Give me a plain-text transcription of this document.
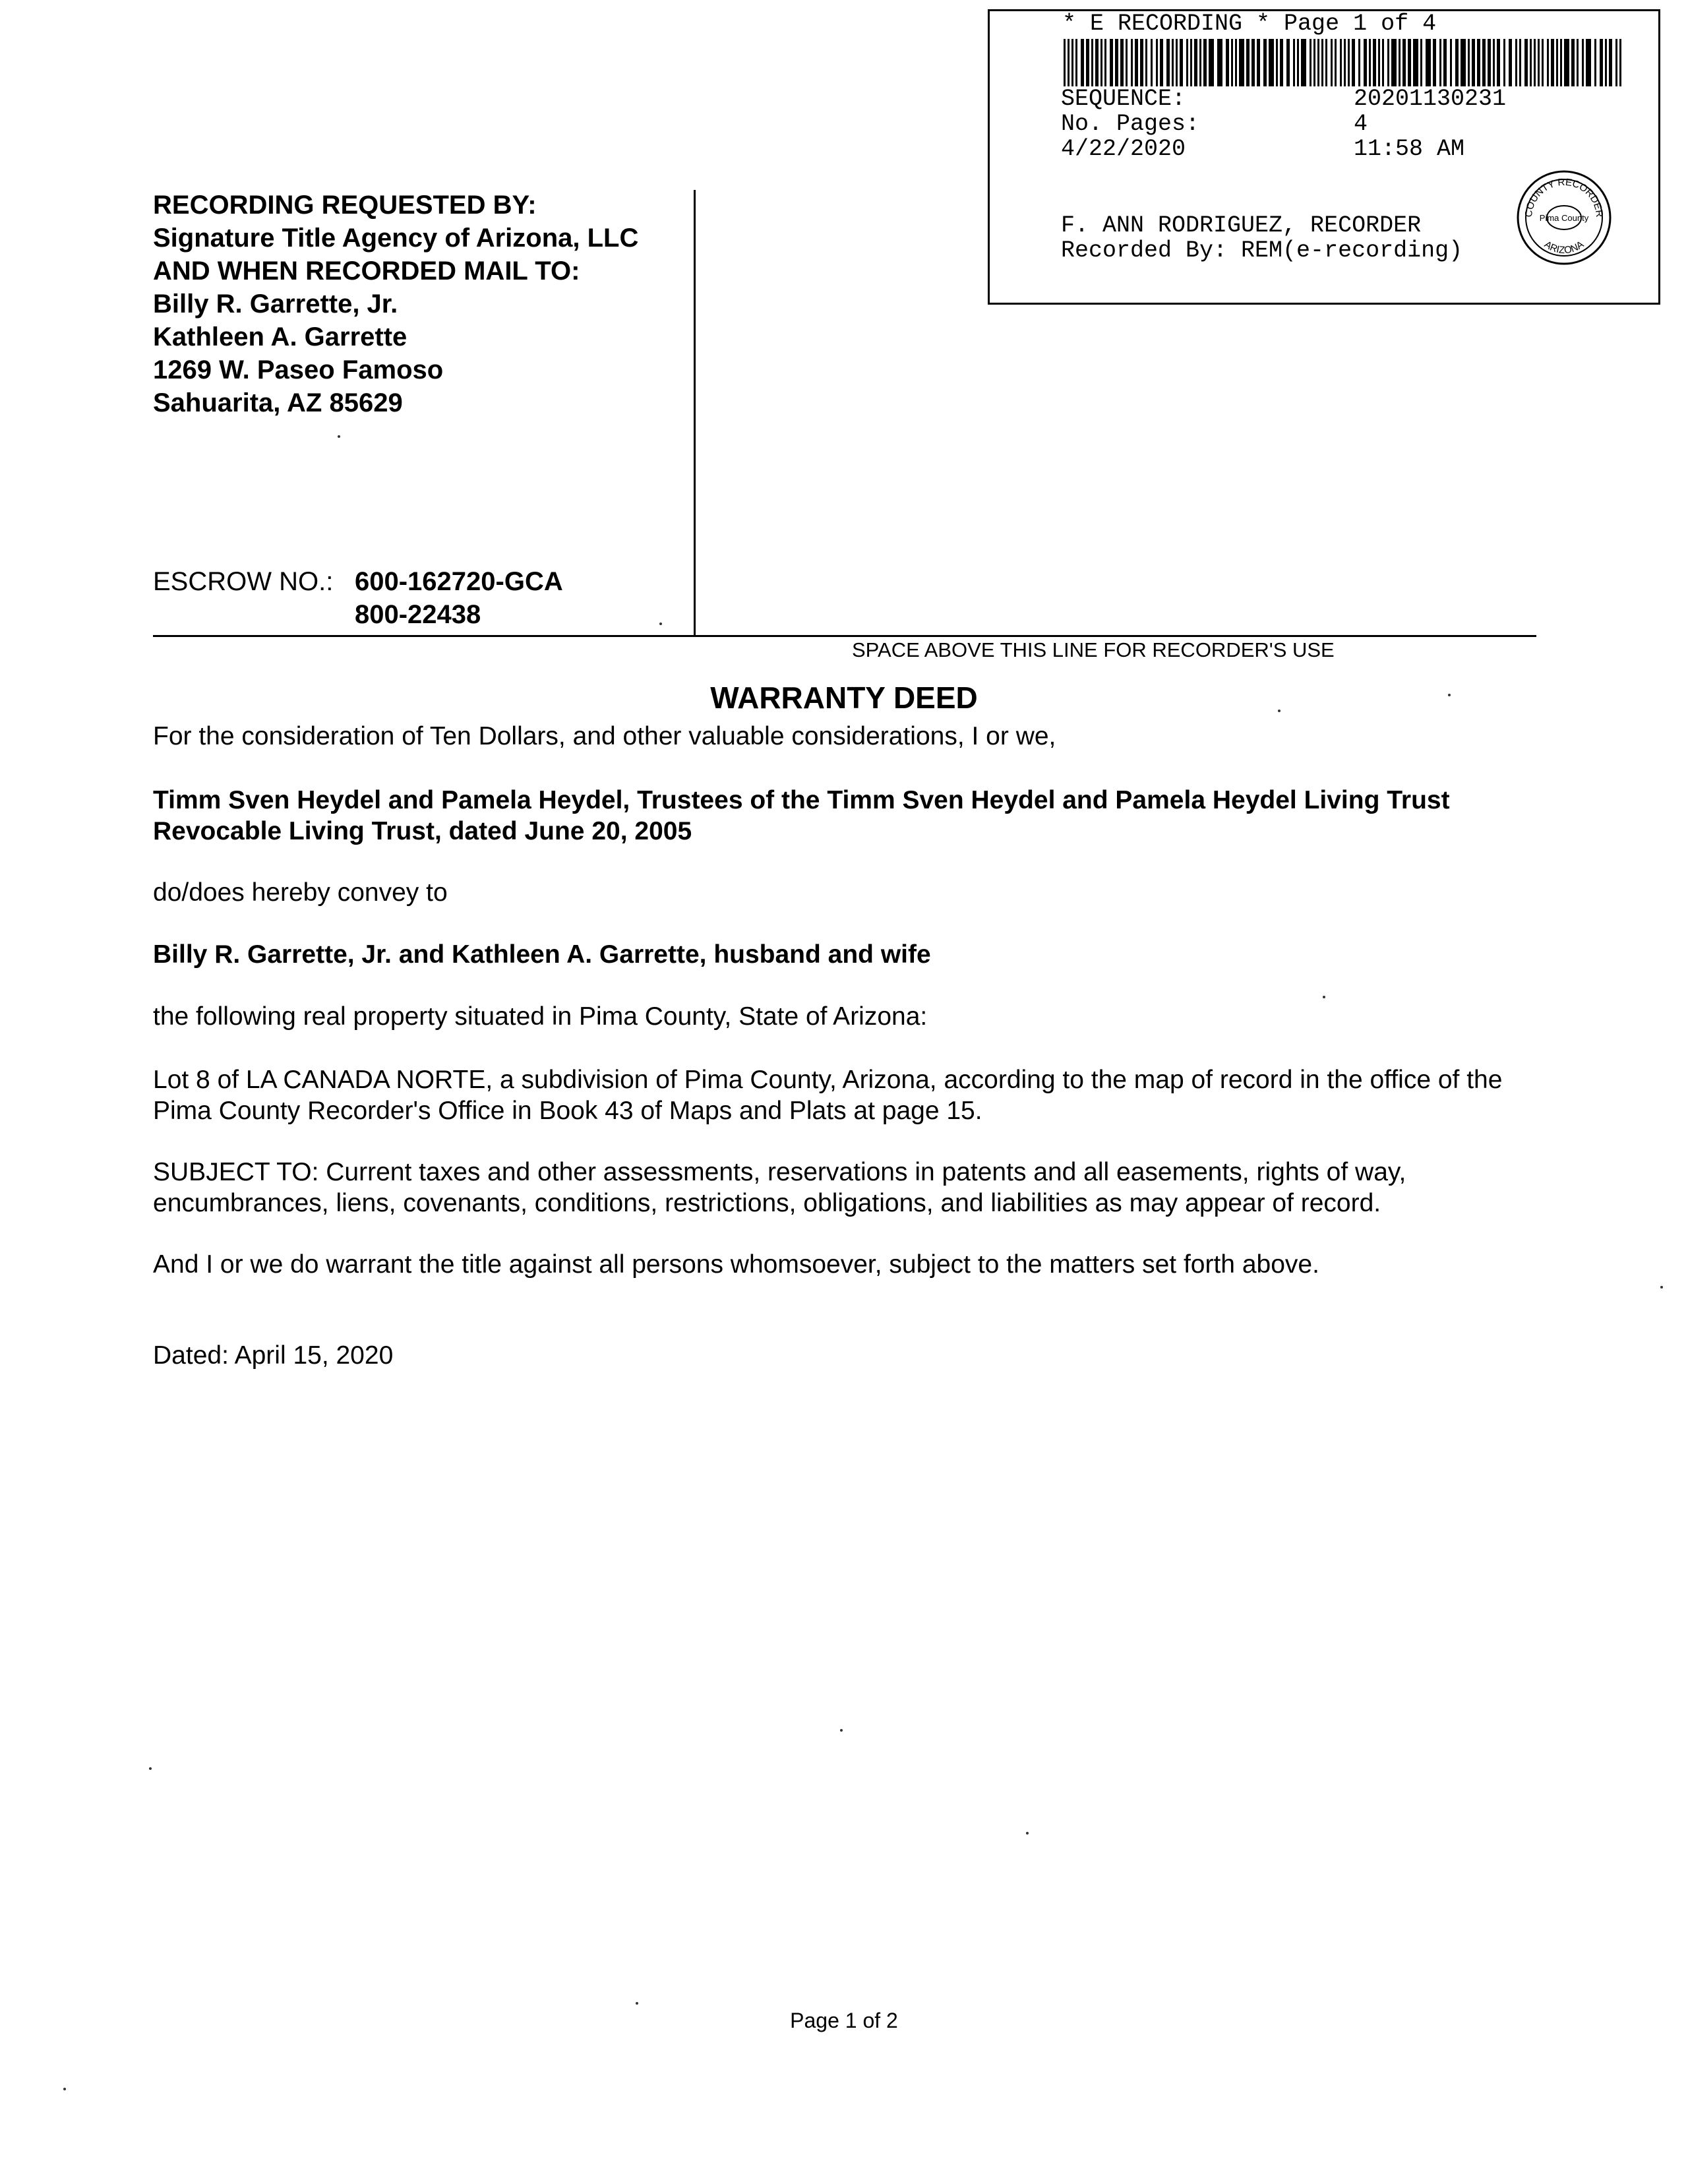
* E RECORDING * Page 1 of 4
SEQUENCE:	20201130231
No. Pages:	4
4/22/2020	11:58 AM
F. ANN RODRIGUEZ, RECORDER
Recorded By: REM(e-recording)
COUNTY RECORDER
Pima County
ARIZONA
RECORDING REQUESTED BY:
Signature Title Agency of Arizona, LLC
AND WHEN RECORDED MAIL TO:
Billy R. Garrette, Jr.
Kathleen A. Garrette
1269 W. Paseo Famoso
Sahuarita, AZ 85629
ESCROW NO.: 600-162720-GCA
800-22438
SPACE ABOVE THIS LINE FOR RECORDER'S USE
WARRANTY DEED
For the consideration of Ten Dollars, and other valuable considerations, I or we,
Timm Sven Heydel and Pamela Heydel, Trustees of the Timm Sven Heydel and Pamela Heydel Living Trust Revocable Living Trust, dated June 20, 2005
do/does hereby convey to
Billy R. Garrette, Jr. and Kathleen A. Garrette, husband and wife
the following real property situated in Pima County, State of Arizona:
Lot 8 of LA CANADA NORTE, a subdivision of Pima County, Arizona, according to the map of record in the office of the Pima County Recorder's Office in Book 43 of Maps and Plats at page 15.
SUBJECT TO: Current taxes and other assessments, reservations in patents and all easements, rights of way, encumbrances, liens, covenants, conditions, restrictions, obligations, and liabilities as may appear of record.
And I or we do warrant the title against all persons whomsoever, subject to the matters set forth above.
Dated: April 15, 2020
Page 1 of 2
